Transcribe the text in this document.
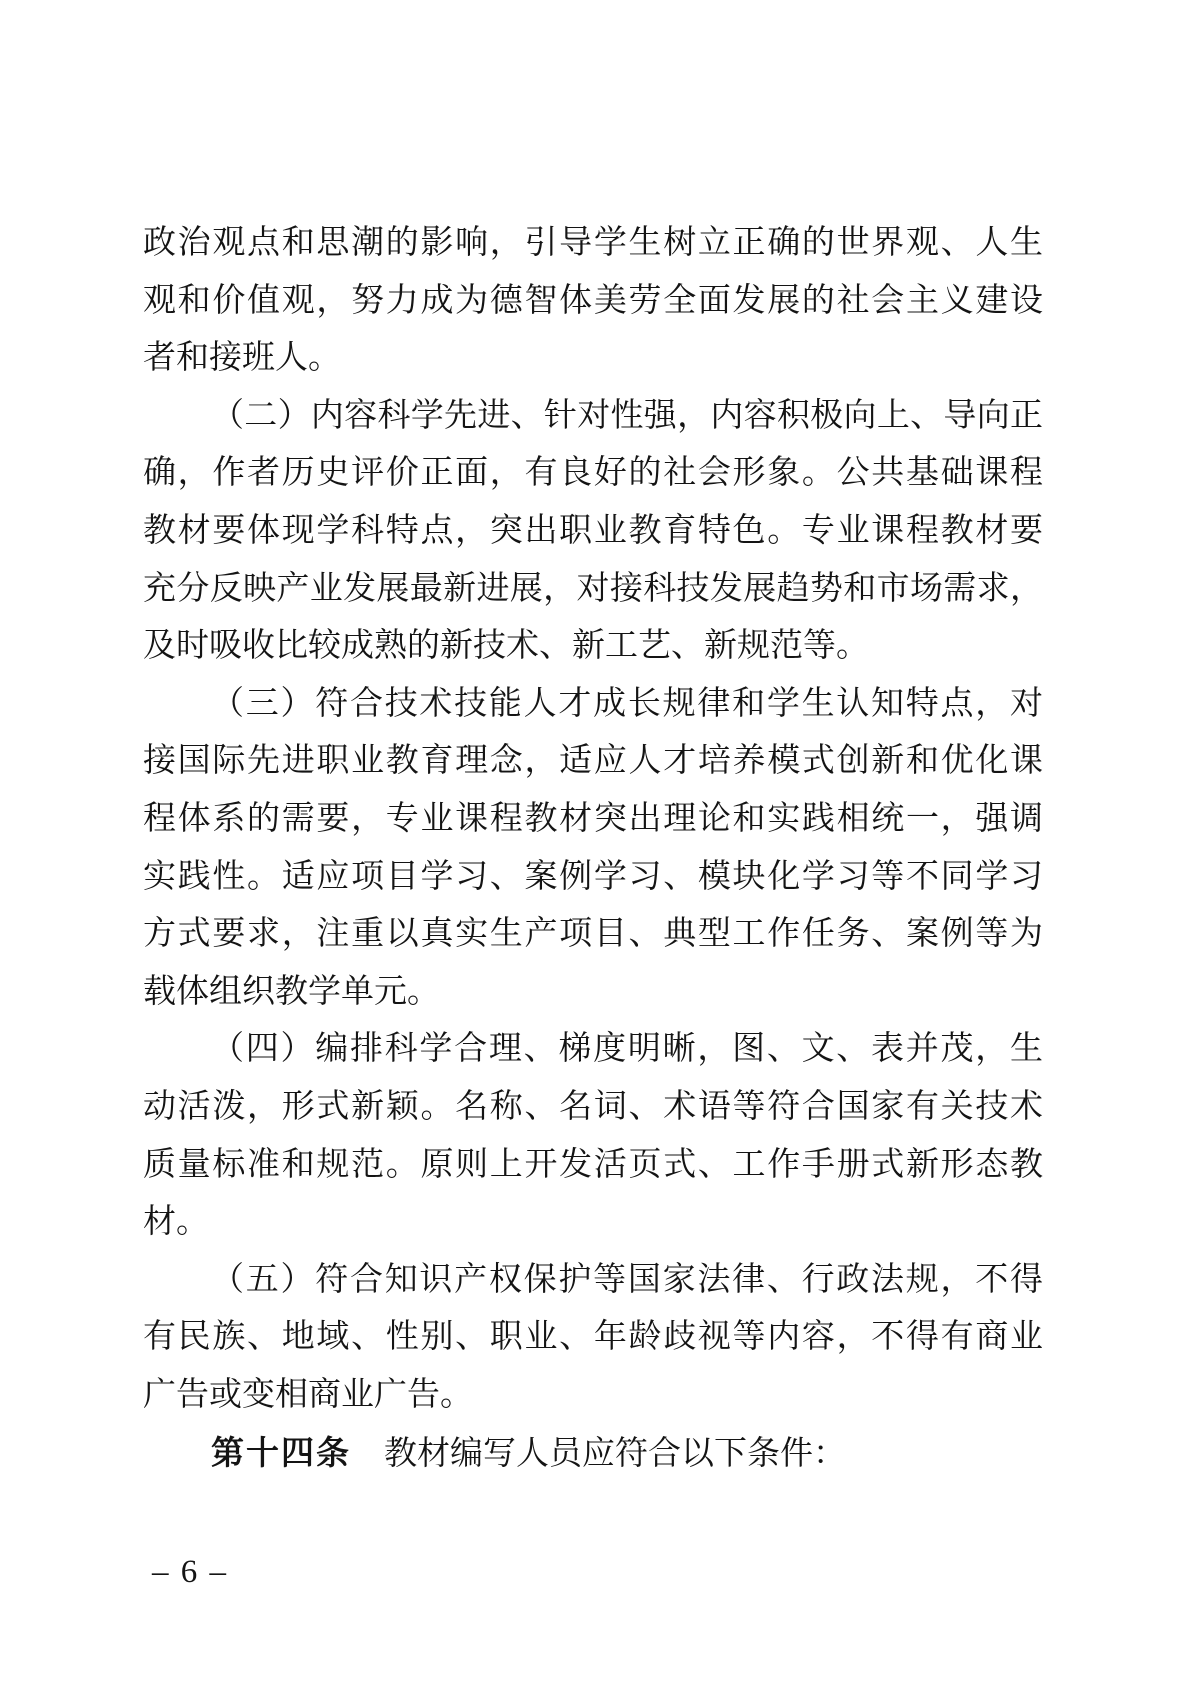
政治观点和思潮的影响，引导学生树立正确的世界观、人生
观和价值观，努力成为德智体美劳全面发展的社会主义建设
者和接班人。
（二）内容科学先进、针对性强，内容积极向上、导向正
确，作者历史评价正面，有良好的社会形象。公共基础课程
教材要体现学科特点，突出职业教育特色。专业课程教材要
充分反映产业发展最新进展，对接科技发展趋势和市场需求，
及时吸收比较成熟的新技术、新工艺、新规范等。
（三）符合技术技能人才成长规律和学生认知特点，对
接国际先进职业教育理念，适应人才培养模式创新和优化课
程体系的需要，专业课程教材突出理论和实践相统一，强调
实践性。适应项目学习、案例学习、模块化学习等不同学习
方式要求，注重以真实生产项目、典型工作任务、案例等为
载体组织教学单元。
（四）编排科学合理、梯度明晰，图、文、表并茂，生
动活泼，形式新颖。名称、名词、术语等符合国家有关技术
质量标准和规范。原则上开发活页式、工作手册式新形态教
材。
（五）符合知识产权保护等国家法律、行政法规，不得
有民族、地域、性别、职业、年龄歧视等内容，不得有商业
广告或变相商业广告。
第十四条　教材编写人员应符合以下条件：
– 6 –
